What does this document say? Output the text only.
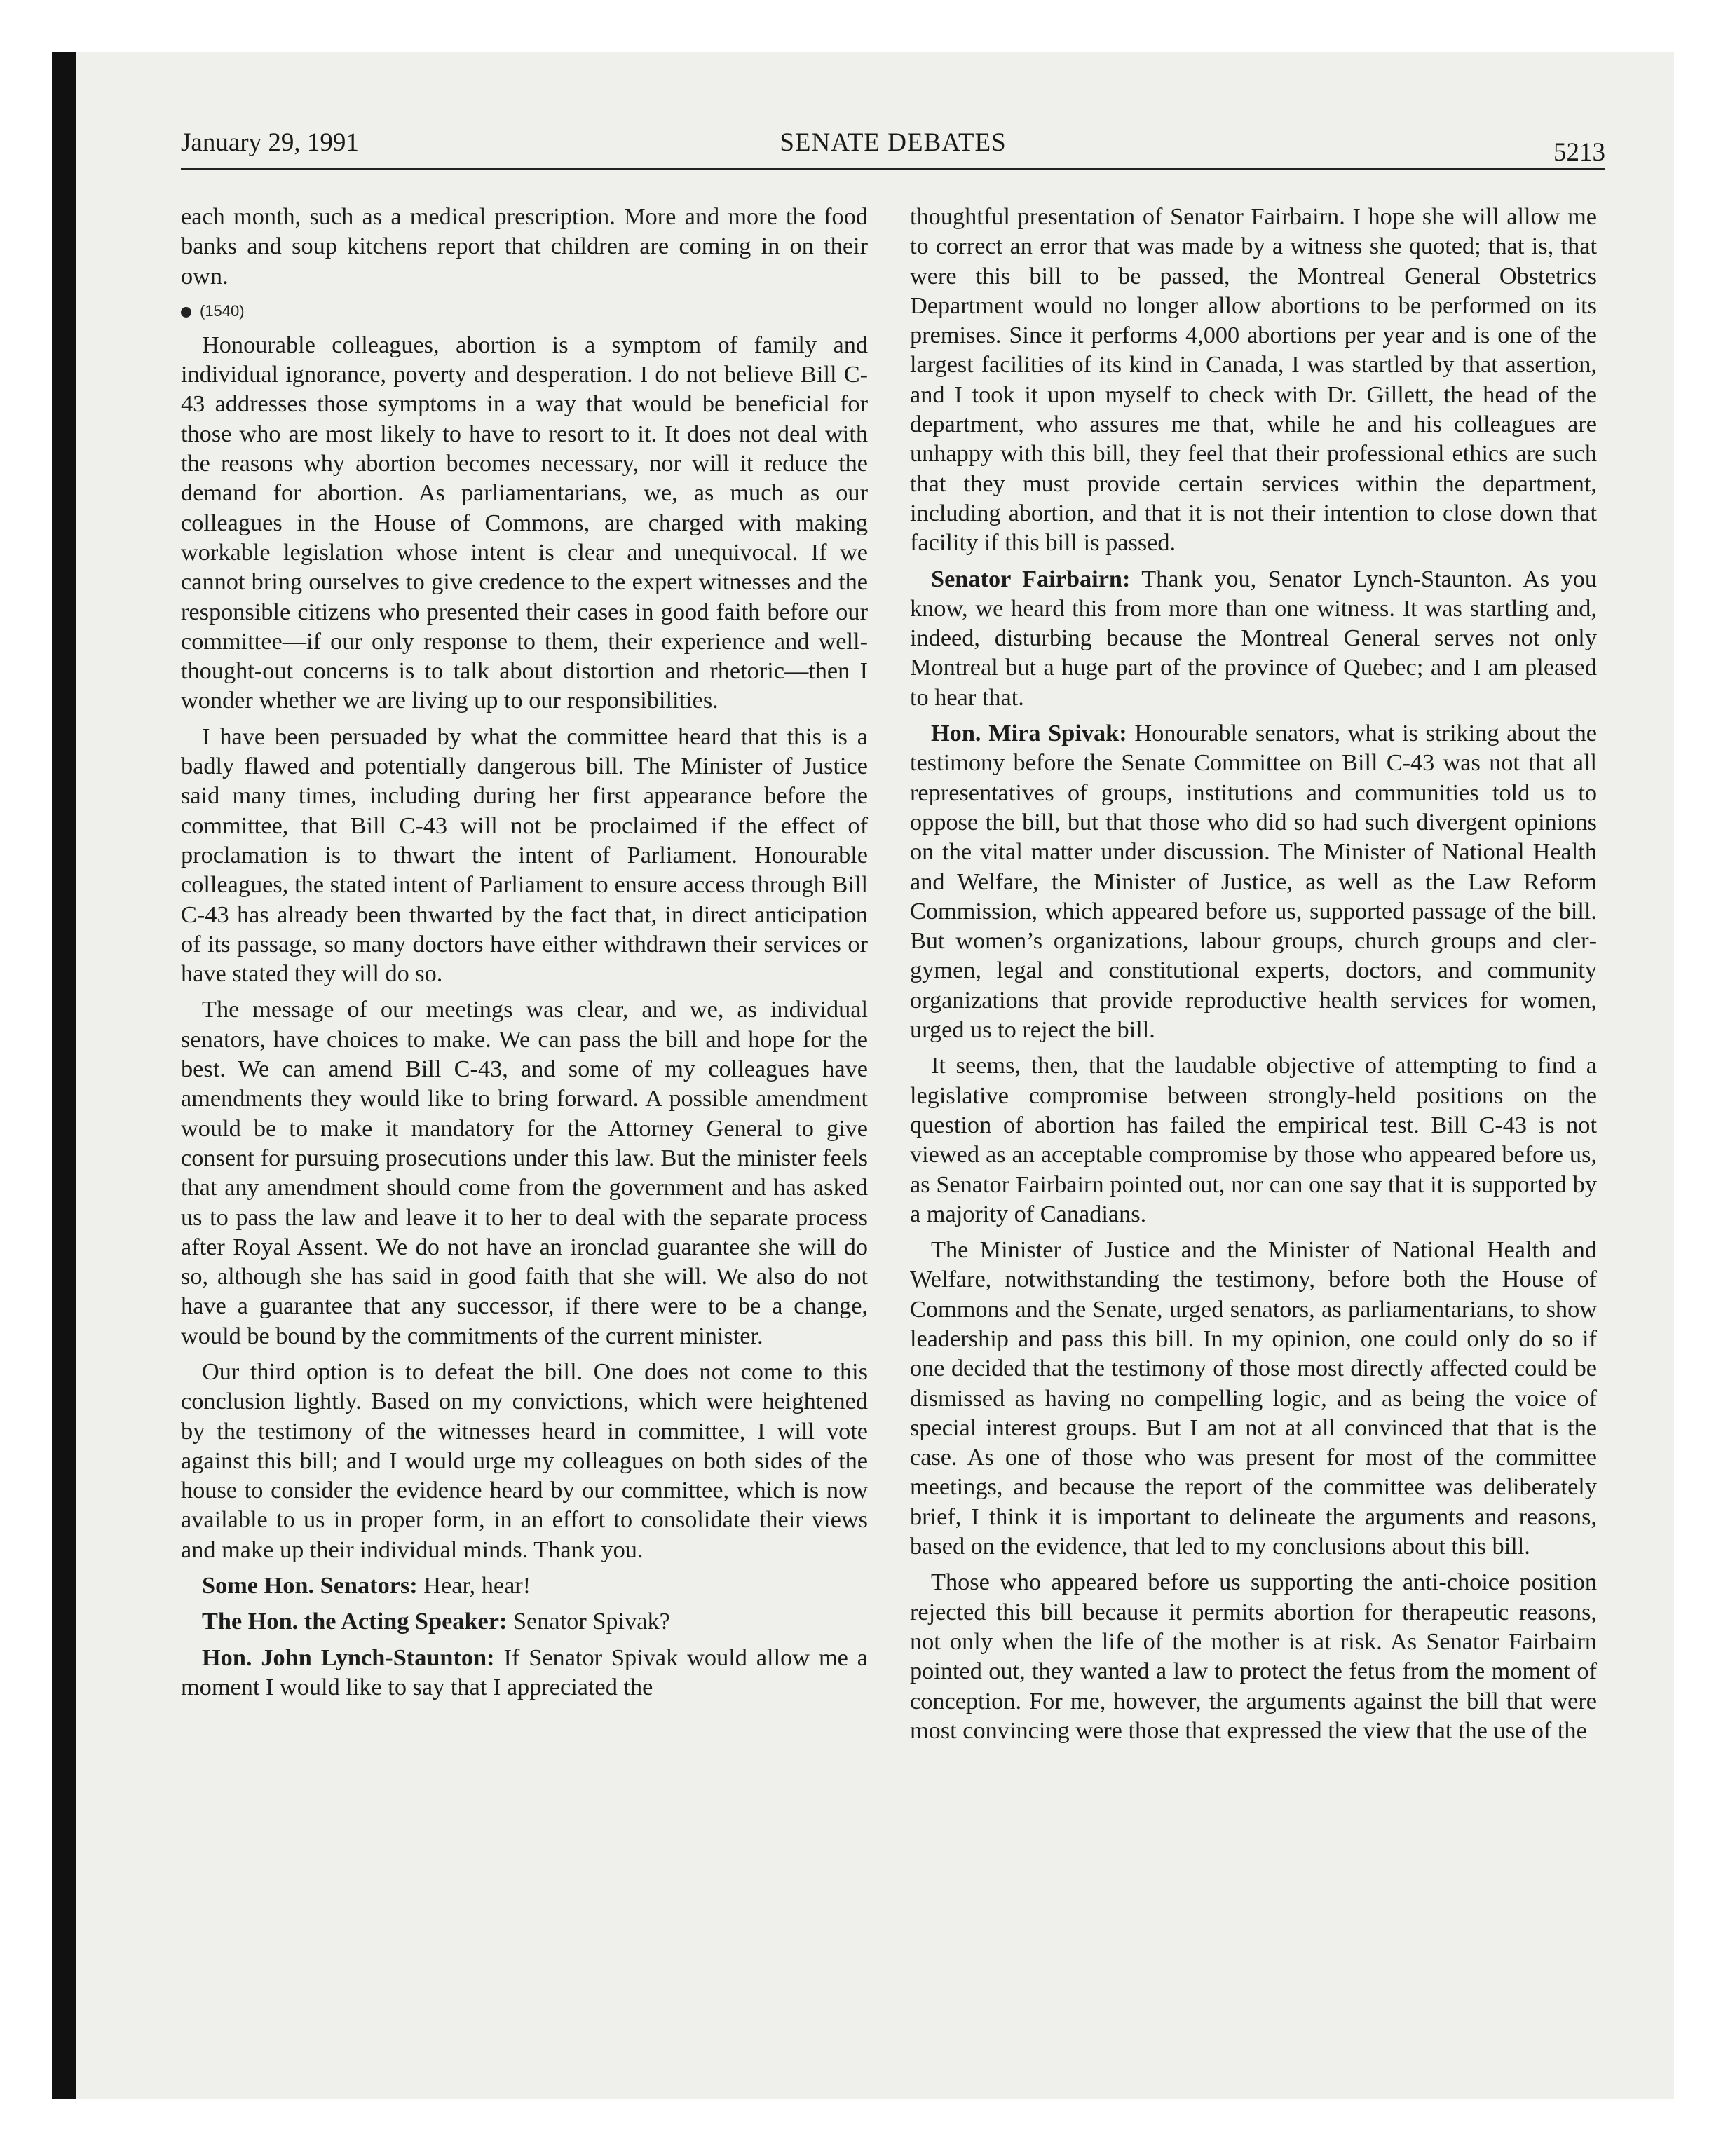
January 29, 1991	SENATE DEBATES	5213

each month, such as a medical prescription. More and more the food banks and soup kitchens report that children are coming in on their own.

(1540)

Honourable colleagues, abortion is a symptom of family and individual ignorance, poverty and desperation. I do not believe Bill C-43 addresses those symptoms in a way that would be beneficial for those who are most likely to have to resort to it. It does not deal with the reasons why abortion becomes necessary, nor will it reduce the demand for abortion. As parliamentarians, we, as much as our colleagues in the House of Commons, are charged with making workable legislation whose intent is clear and unequivocal. If we cannot bring ourselves to give credence to the expert witnesses and the responsible citizens who presented their cases in good faith before our committee—if our only response to them, their experience and well-thought-out concerns is to talk about distortion and rhetoric—then I wonder whether we are living up to our responsibilities.

I have been persuaded by what the committee heard that this is a badly flawed and potentially dangerous bill. The Minister of Justice said many times, including during her first appearance before the committee, that Bill C-43 will not be proclaimed if the effect of proclamation is to thwart the intent of Parliament. Honourable colleagues, the stated intent of Parliament to ensure access through Bill C-43 has already been thwarted by the fact that, in direct anticipation of its passage, so many doctors have either withdrawn their services or have stated they will do so.

The message of our meetings was clear, and we, as individual senators, have choices to make. We can pass the bill and hope for the best. We can amend Bill C-43, and some of my colleagues have amendments they would like to bring forward. A possible amendment would be to make it mandatory for the Attorney General to give consent for pursuing prosecutions under this law. But the minister feels that any amendment should come from the government and has asked us to pass the law and leave it to her to deal with the separate process after Royal Assent. We do not have an ironclad guarantee she will do so, although she has said in good faith that she will. We also do not have a guarantee that any successor, if there were to be a change, would be bound by the commitments of the current minister.

Our third option is to defeat the bill. One does not come to this conclusion lightly. Based on my convictions, which were heightened by the testimony of the witnesses heard in committee, I will vote against this bill; and I would urge my colleagues on both sides of the house to consider the evidence heard by our committee, which is now available to us in proper form, in an effort to consolidate their views and make up their individual minds. Thank you.

Some Hon. Senators: Hear, hear!

The Hon. the Acting Speaker: Senator Spivak?

Hon. John Lynch-Staunton: If Senator Spivak would allow me a moment I would like to say that I appreciated the

thoughtful presentation of Senator Fairbairn. I hope she will allow me to correct an error that was made by a witness she quoted; that is, that were this bill to be passed, the Montreal General Obstetrics Department would no longer allow abortions to be performed on its premises. Since it performs 4,000 abortions per year and is one of the largest facilities of its kind in Canada, I was startled by that assertion, and I took it upon myself to check with Dr. Gillett, the head of the department, who assures me that, while he and his colleagues are unhappy with this bill, they feel that their professional ethics are such that they must provide certain services within the department, including abortion, and that it is not their intention to close down that facility if this bill is passed.

Senator Fairbairn: Thank you, Senator Lynch-Staunton. As you know, we heard this from more than one witness. It was startling and, indeed, disturbing because the Montreal General serves not only Montreal but a huge part of the province of Quebec; and I am pleased to hear that.

Hon. Mira Spivak: Honourable senators, what is striking about the testimony before the Senate Committee on Bill C-43 was not that all representatives of groups, institutions and communities told us to oppose the bill, but that those who did so had such divergent opinions on the vital matter under discussion. The Minister of National Health and Welfare, the Minister of Justice, as well as the Law Reform Commission, which appeared before us, supported passage of the bill. But women’s organizations, labour groups, church groups and clergymen, legal and constitutional experts, doctors, and community organizations that provide reproductive health services for women, urged us to reject the bill.

It seems, then, that the laudable objective of attempting to find a legislative compromise between strongly-held positions on the question of abortion has failed the empirical test. Bill C-43 is not viewed as an acceptable compromise by those who appeared before us, as Senator Fairbairn pointed out, nor can one say that it is supported by a majority of Canadians.

The Minister of Justice and the Minister of National Health and Welfare, notwithstanding the testimony, before both the House of Commons and the Senate, urged senators, as parliamentarians, to show leadership and pass this bill. In my opinion, one could only do so if one decided that the testimony of those most directly affected could be dismissed as having no compelling logic, and as being the voice of special interest groups. But I am not at all convinced that that is the case. As one of those who was present for most of the committee meetings, and because the report of the committee was deliberately brief, I think it is important to delineate the arguments and reasons, based on the evidence, that led to my conclusions about this bill.

Those who appeared before us supporting the anti-choice position rejected this bill because it permits abortion for therapeutic reasons, not only when the life of the mother is at risk. As Senator Fairbairn pointed out, they wanted a law to protect the fetus from the moment of conception. For me, however, the arguments against the bill that were most convincing were those that expressed the view that the use of the
